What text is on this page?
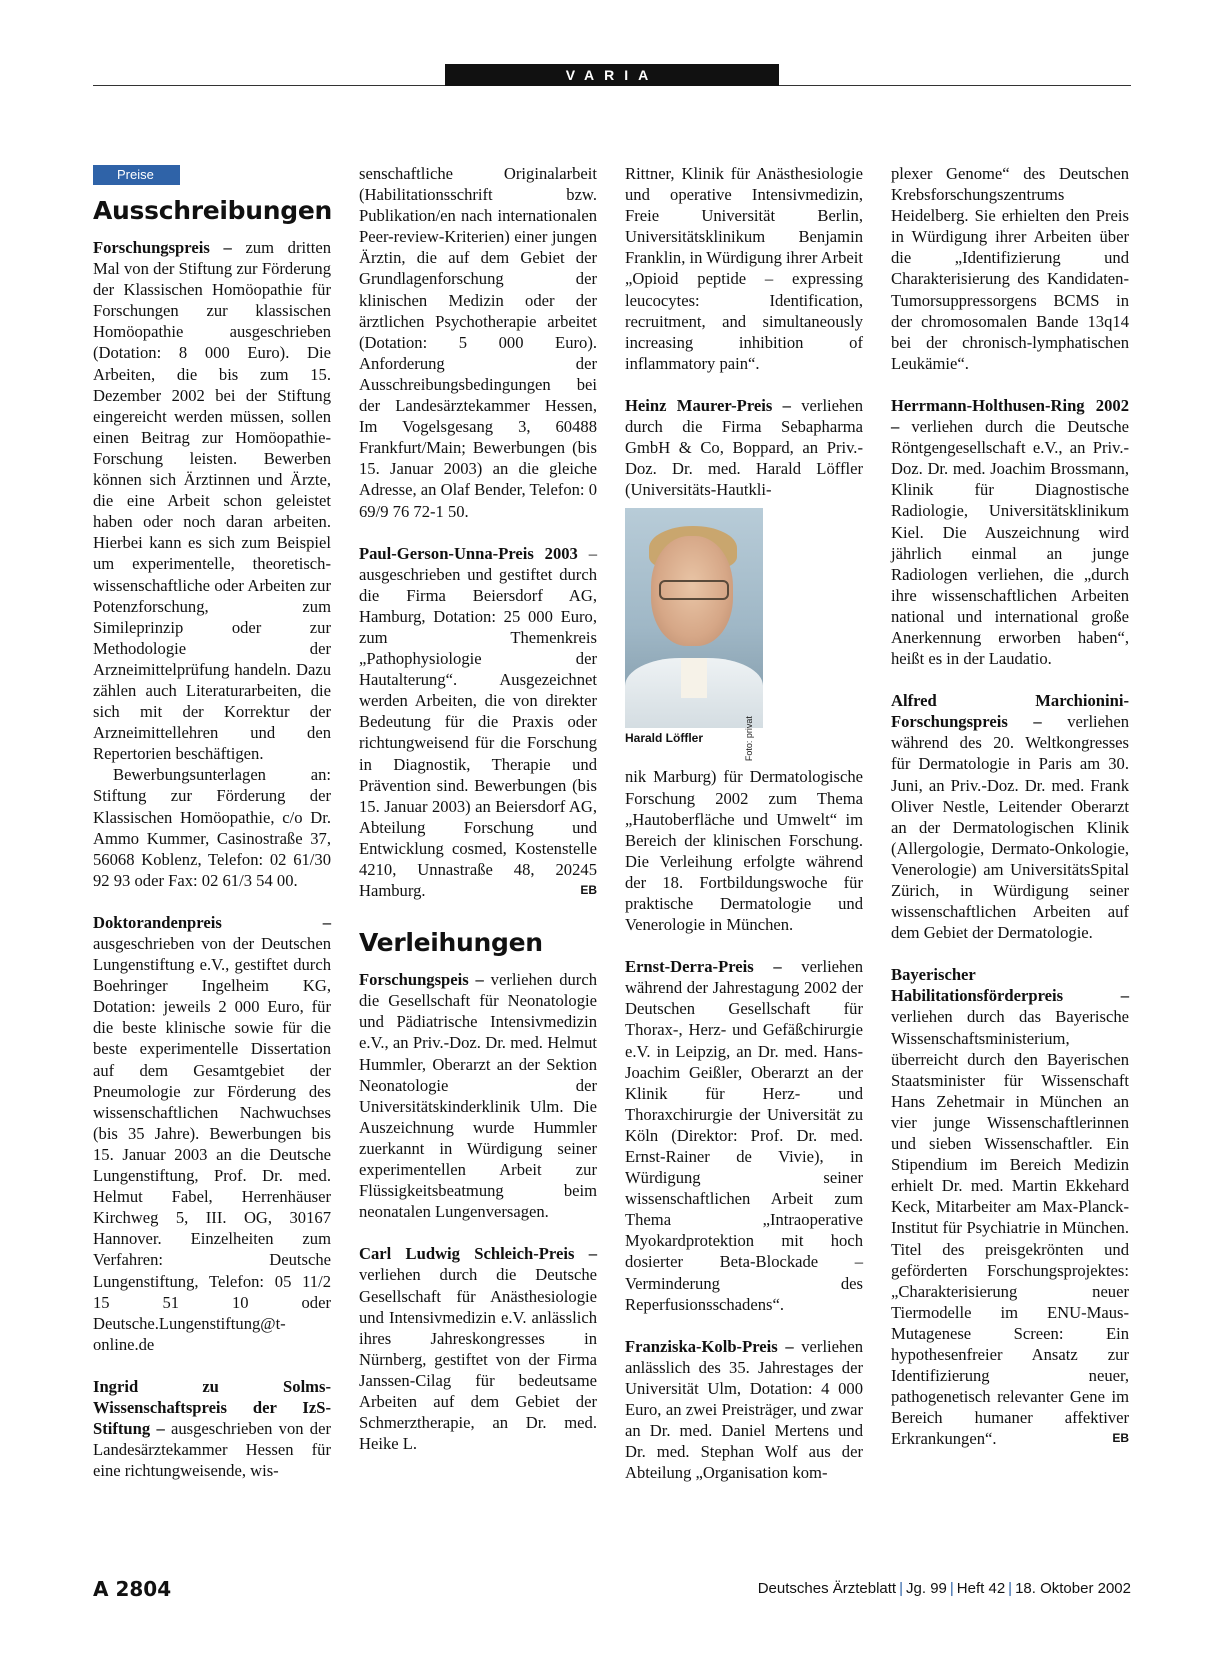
VARIA
Preise
Ausschreibungen

Forschungspreis – zum dritten Mal von der Stiftung zur Förderung der Klassischen Homöopathie für Forschungen zur klassischen Homöopathie ausgeschrieben (Dotation: 8 000 Euro). Die Arbeiten, die bis zum 15. Dezember 2002 bei der Stiftung eingereicht werden müssen, sollen einen Beitrag zur Homöopathie-Forschung leisten. Bewerben können sich Ärztinnen und Ärzte, die eine Arbeit schon geleistet haben oder noch daran arbeiten. Hierbei kann es sich zum Beispiel um experimentelle, theoretisch-wissenschaftliche oder Arbeiten zur Potenzforschung, zum Simileprinzip oder zur Methodologie der Arzneimittelprüfung handeln. Dazu zählen auch Literaturarbeiten, die sich mit der Korrektur der Arzneimittellehren und den Repertorien beschäftigen.

Bewerbungsunterlagen an: Stiftung zur Förderung der Klassischen Homöopathie, c/o Dr. Ammo Kummer, Casinostraße 37, 56068 Koblenz, Telefon: 02 61/30 92 93 oder Fax: 02 61/3 54 00.

Doktorandenpreis – ausgeschrieben von der Deutschen Lungenstiftung e.V., gestiftet durch Boehringer Ingelheim KG, Dotation: jeweils 2 000 Euro, für die beste klinische sowie für die beste experimentelle Dissertation auf dem Gesamtgebiet der Pneumologie zur Förderung des wissenschaftlichen Nachwuchses (bis 35 Jahre). Bewerbungen bis 15. Januar 2003 an die Deutsche Lungenstiftung, Prof. Dr. med. Helmut Fabel, Herrenhäuser Kirchweg 5, III. OG, 30167 Hannover. Einzelheiten zum Verfahren: Deutsche Lungenstiftung, Telefon: 05 11/2 15 51 10 oder Deutsche.Lungenstiftung@t-online.de

Ingrid zu Solms-Wissenschaftspreis der IzS-Stiftung – ausgeschrieben von der Landesärztekammer Hessen für eine richtungweisende, wis-

senschaftliche Originalarbeit (Habilitationsschrift bzw. Publikation/en nach internationalen Peer-review-Kriterien) einer jungen Ärztin, die auf dem Gebiet der Grundlagenforschung der klinischen Medizin oder der ärztlichen Psychotherapie arbeitet (Dotation: 5 000 Euro). Anforderung der Ausschreibungsbedingungen bei der Landesärztekammer Hessen, Im Vogelsgesang 3, 60488 Frankfurt/Main; Bewerbungen (bis 15. Januar 2003) an die gleiche Adresse, an Olaf Bender, Telefon: 0 69/9 76 72-1 50.

Paul-Gerson-Unna-Preis 2003 – ausgeschrieben und gestiftet durch die Firma Beiersdorf AG, Hamburg, Dotation: 25 000 Euro, zum Themenkreis „Pathophysiologie der Hautalterung“. Ausgezeichnet werden Arbeiten, die von direkter Bedeutung für die Praxis oder richtungweisend für die Forschung in Diagnostik, Therapie und Prävention sind. Bewerbungen (bis 15. Januar 2003) an Beiersdorf AG, Abteilung Forschung und Entwicklung cosmed, Kostenstelle 4210, Unnastraße 48, 20245 Hamburg.	EB

Verleihungen

Forschungspeis – verliehen durch die Gesellschaft für Neonatologie und Pädiatrische Intensivmedizin e.V., an Priv.-Doz. Dr. med. Helmut Hummler, Oberarzt an der Sektion Neonatologie der Universitätskinderklinik Ulm. Die Auszeichnung wurde Hummler zuerkannt in Würdigung seiner experimentellen Arbeit zur Flüssigkeitsbeatmung beim neonatalen Lungenversagen.

Carl Ludwig Schleich-Preis – verliehen durch die Deutsche Gesellschaft für Anästhesiologie und Intensivmedizin e.V. anlässlich ihres Jahreskongresses in Nürnberg, gestiftet von der Firma Janssen-Cilag für bedeutsame Arbeiten auf dem Gebiet der Schmerztherapie, an Dr. med. Heike L.

Rittner, Klinik für Anästhesiologie und operative Intensivmedizin, Freie Universität Berlin, Universitätsklinikum Benjamin Franklin, in Würdigung ihrer Arbeit „Opioid peptide – expressing leucocytes: Identification, recruitment, and simultaneously increasing inhibition of inflammatory pain“.

Heinz Maurer-Preis – verliehen durch die Firma Sebapharma GmbH & Co, Boppard, an Priv.-Doz. Dr. med. Harald Löffler (Universitäts-Hautkli-

Foto: privat
Harald Löffler

nik Marburg) für Dermatologische Forschung 2002 zum Thema „Hautoberfläche und Umwelt“ im Bereich der klinischen Forschung. Die Verleihung erfolgte während der 18. Fortbildungswoche für praktische Dermatologie und Venerologie in München.

Ernst-Derra-Preis – verliehen während der Jahrestagung 2002 der Deutschen Gesellschaft für Thorax-, Herz- und Gefäßchirurgie e.V. in Leipzig, an Dr. med. Hans-Joachim Geißler, Oberarzt an der Klinik für Herz- und Thoraxchirurgie der Universität zu Köln (Direktor: Prof. Dr. med. Ernst-Rainer de Vivie), in Würdigung seiner wissenschaftlichen Arbeit zum Thema „Intraoperative Myokardprotektion mit hoch dosierter Beta-Blockade – Verminderung des Reperfusionsschadens“.

Franziska-Kolb-Preis – verliehen anlässlich des 35. Jahrestages der Universität Ulm, Dotation: 4 000 Euro, an zwei Preisträger, und zwar an Dr. med. Daniel Mertens und Dr. med. Stephan Wolf aus der Abteilung „Organisation kom-

plexer Genome“ des Deutschen Krebsforschungszentrums Heidelberg. Sie erhielten den Preis in Würdigung ihrer Arbeiten über die „Identifizierung und Charakterisierung des Kandidaten-Tumorsuppressorgens BCMS in der chromosomalen Bande 13q14 bei der chronisch-lymphatischen Leukämie“.

Herrmann-Holthusen-Ring 2002 – verliehen durch die Deutsche Röntgengesellschaft e.V., an Priv.-Doz. Dr. med. Joachim Brossmann, Klinik für Diagnostische Radiologie, Universitätsklinikum Kiel. Die Auszeichnung wird jährlich einmal an junge Radiologen verliehen, die „durch ihre wissenschaftlichen Arbeiten national und international große Anerkennung erworben haben“, heißt es in der Laudatio.

Alfred Marchionini-Forschungspreis – verliehen während des 20. Weltkongresses für Dermatologie in Paris am 30. Juni, an Priv.-Doz. Dr. med. Frank Oliver Nestle, Leitender Oberarzt an der Dermatologischen Klinik (Allergologie, Dermato-Onkologie, Venerologie) am UniversitätsSpital Zürich, in Würdigung seiner wissenschaftlichen Arbeiten auf dem Gebiet der Dermatologie.

Bayerischer Habilitationsförderpreis – verliehen durch das Bayerische Wissenschaftsministerium, überreicht durch den Bayerischen Staatsminister für Wissenschaft Hans Zehetmair in München an vier junge Wissenschaftlerinnen und sieben Wissenschaftler. Ein Stipendium im Bereich Medizin erhielt Dr. med. Martin Ekkehard Keck, Mitarbeiter am Max-Planck-Institut für Psychiatrie in München. Titel des preisgekrönten und geförderten Forschungsprojektes: „Charakterisierung neuer Tiermodelle im ENU-Maus-Mutagenese Screen: Ein hypothesenfreier Ansatz zur Identifizierung neuer, pathogenetisch relevanter Gene im Bereich humaner affektiver Erkrankungen“.	EB

A 2804	Deutsches Ärzteblatt | Jg. 99 | Heft 42 | 18. Oktober 2002
